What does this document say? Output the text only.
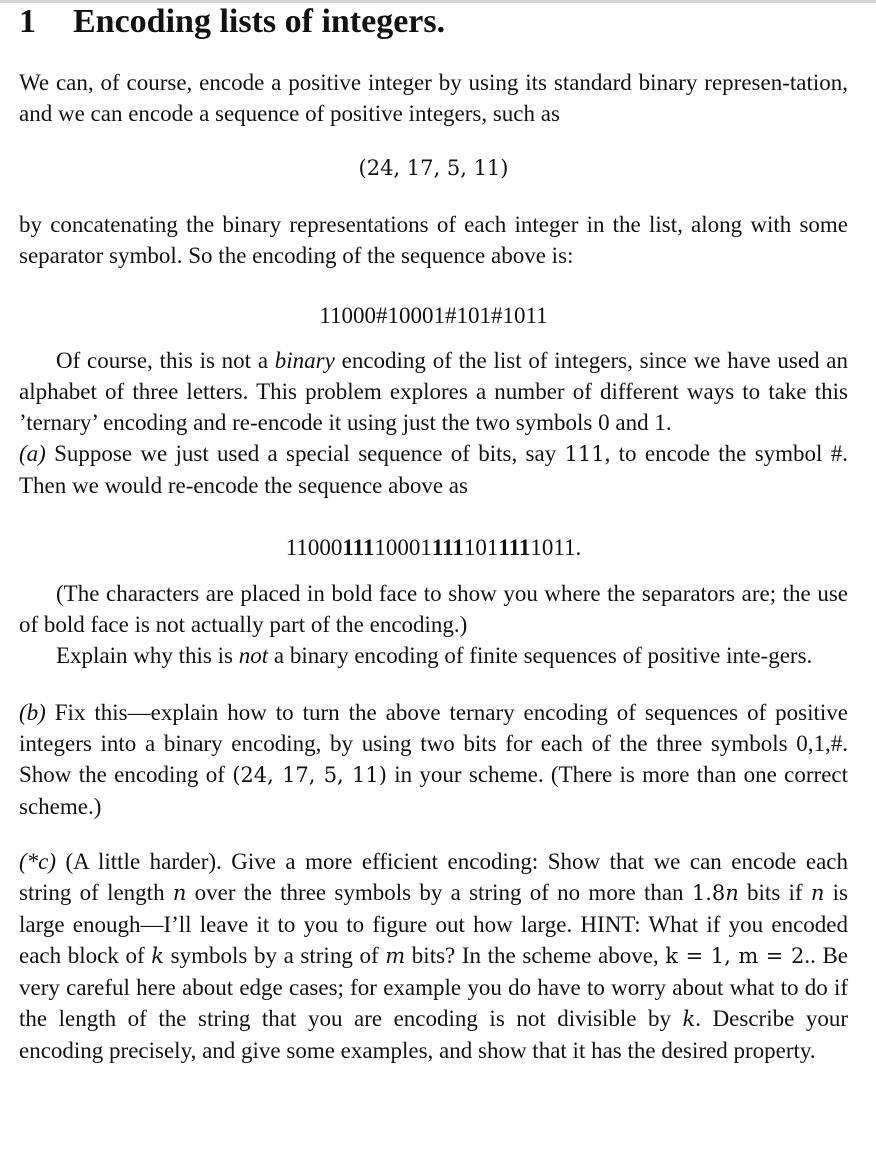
1 Encoding lists of integers.

We can, of course, encode a positive integer by using its standard binary represen-tation, and we can encode a sequence of positive integers, such as

(24, 17, 5, 11)

by concatenating the binary representations of each integer in the list, along with some separator symbol. So the encoding of the sequence above is:

11000#10001#101#1011

Of course, this is not a binary encoding of the list of integers, since we have used an alphabet of three letters. This problem explores a number of different ways to take this ’ternary’ encoding and re-encode it using just the two symbols 0 and 1.

(a) Suppose we just used a special sequence of bits, say 111, to encode the symbol #. Then we would re-encode the sequence above as

11000111100011111011111011.

(The characters are placed in bold face to show you where the separators are; the use of bold face is not actually part of the encoding.)

Explain why this is not a binary encoding of finite sequences of positive inte-gers.

(b) Fix this—explain how to turn the above ternary encoding of sequences of positive integers into a binary encoding, by using two bits for each of the three symbols 0,1,#. Show the encoding of (24, 17, 5, 11) in your scheme. (There is more than one correct scheme.)

(*c) (A little harder). Give a more efficient encoding: Show that we can encode each string of length n over the three symbols by a string of no more than 1.8n bits if n is large enough—I’ll leave it to you to figure out how large. HINT: What if you encoded each block of k symbols by a string of m bits? In the scheme above, k = 1, m = 2.. Be very careful here about edge cases; for example you do have to worry about what to do if the length of the string that you are encoding is not divisible by k. Describe your encoding precisely, and give some examples, and show that it has the desired property.
